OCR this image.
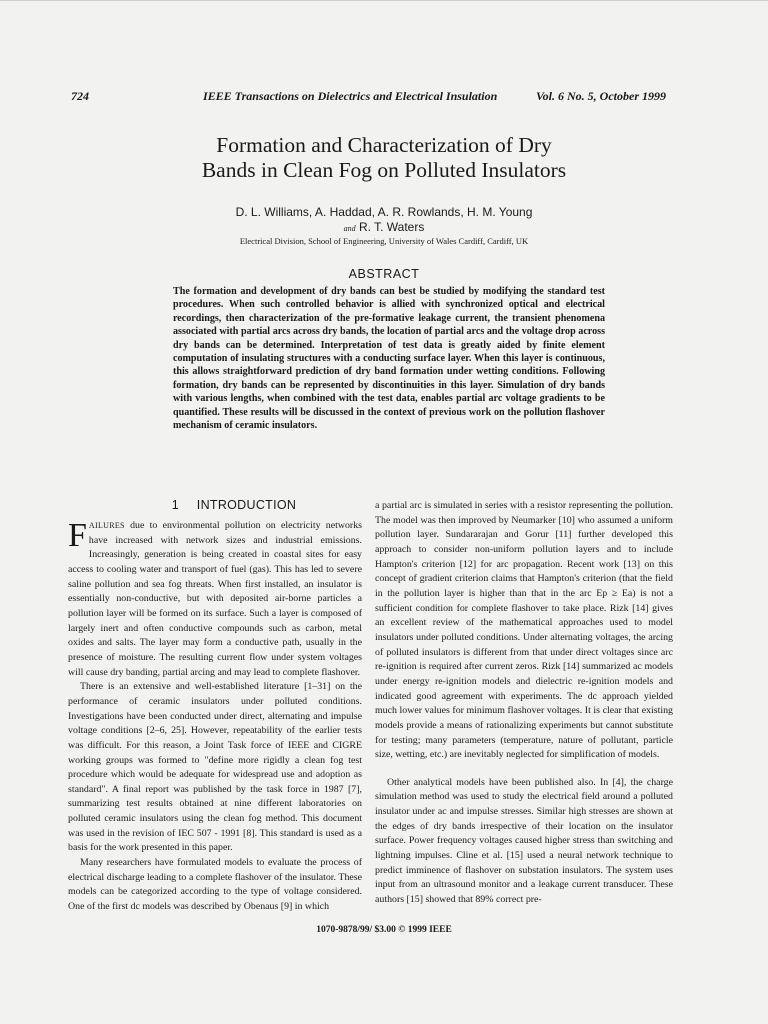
724	IEEE Transactions on Dielectrics and Electrical Insulation	Vol. 6 No. 5, October 1999
Formation and Characterization of Dry
Bands in Clean Fog on Polluted Insulators
D. L. Williams, A. Haddad, A. R. Rowlands, H. M. Young
and R. T. Waters
Electrical Division, School of Engineering, University of Wales Cardiff, Cardiff, UK
ABSTRACT

The formation and development of dry bands can best be studied by modifying the standard test procedures. When such controlled behavior is allied with synchronized optical and electrical recordings, then characterization of the pre-formative leakage current, the transient phenomena associated with partial arcs across dry bands, the location of partial arcs and the voltage drop across dry bands can be determined. Interpretation of test data is greatly aided by finite element computation of insulating structures with a conducting surface layer. When this layer is continuous, this allows straightforward prediction of dry band formation under wetting conditions. Following formation, dry bands can be represented by discontinuities in this layer. Simulation of dry bands with various lengths, when combined with the test data, enables partial arc voltage gradients to be quantified. These results will be discussed in the context of previous work on the pollution flashover mechanism of ceramic insulators.

1 INTRODUCTION

FAILURES due to environmental pollution on electricity networks have increased with network sizes and industrial emissions. Increasingly, generation is being created in coastal sites for easy access to cooling water and transport of fuel (gas). This has led to severe saline pollution and sea fog threats. When first installed, an insulator is essentially non-conductive, but with deposited air-borne particles a pollution layer will be formed on its surface. Such a layer is composed of largely inert and often conductive compounds such as carbon, metal oxides and salts. The layer may form a conductive path, usually in the presence of moisture. The resulting current flow under system voltages will cause dry banding, partial arcing and may lead to complete flashover.

There is an extensive and well-established literature [1–31] on the performance of ceramic insulators under polluted conditions. Investigations have been conducted under direct, alternating and impulse voltage conditions [2–6, 25]. However, repeatability of the earlier tests was difficult. For this reason, a Joint Task force of IEEE and CIGRE working groups was formed to "define more rigidly a clean fog test procedure which would be adequate for widespread use and adoption as standard". A final report was published by the task force in 1987 [7], summarizing test results obtained at nine different laboratories on polluted ceramic insulators using the clean fog method. This document was used in the revision of IEC 507 - 1991 [8]. This standard is used as a basis for the work presented in this paper.

Many researchers have formulated models to evaluate the process of electrical discharge leading to a complete flashover of the insulator. These models can be categorized according to the type of voltage considered. One of the first dc models was described by Obenaus [9] in which

a partial arc is simulated in series with a resistor representing the pollution. The model was then improved by Neumarker [10] who assumed a uniform pollution layer. Sundararajan and Gorur [11] further developed this approach to consider non-uniform pollution layers and to include Hampton's criterion [12] for arc propagation. Recent work [13] on this concept of gradient criterion claims that Hampton's criterion (that the field in the pollution layer is higher than that in the arc Ep ≥ Ea) is not a sufficient condition for complete flashover to take place. Rizk [14] gives an excellent review of the mathematical approaches used to model insulators under polluted conditions. Under alternating voltages, the arcing of polluted insulators is different from that under direct voltages since arc re-ignition is required after current zeros. Rizk [14] summarized ac models under energy re-ignition models and dielectric re-ignition models and indicated good agreement with experiments. The dc approach yielded much lower values for minimum flashover voltages. It is clear that existing models provide a means of rationalizing experiments but cannot substitute for testing; many parameters (temperature, nature of pollutant, particle size, wetting, etc.) are inevitably neglected for simplification of models.

Other analytical models have been published also. In [4], the charge simulation method was used to study the electrical field around a polluted insulator under ac and impulse stresses. Similar high stresses are shown at the edges of dry bands irrespective of their location on the insulator surface. Power frequency voltages caused higher stress than switching and lightning impulses. Cline et al. [15] used a neural network technique to predict imminence of flashover on substation insulators. The system uses input from an ultrasound monitor and a leakage current transducer. These authors [15] showed that 89% correct pre-

1070-9878/99/ $3.00 © 1999 IEEE
